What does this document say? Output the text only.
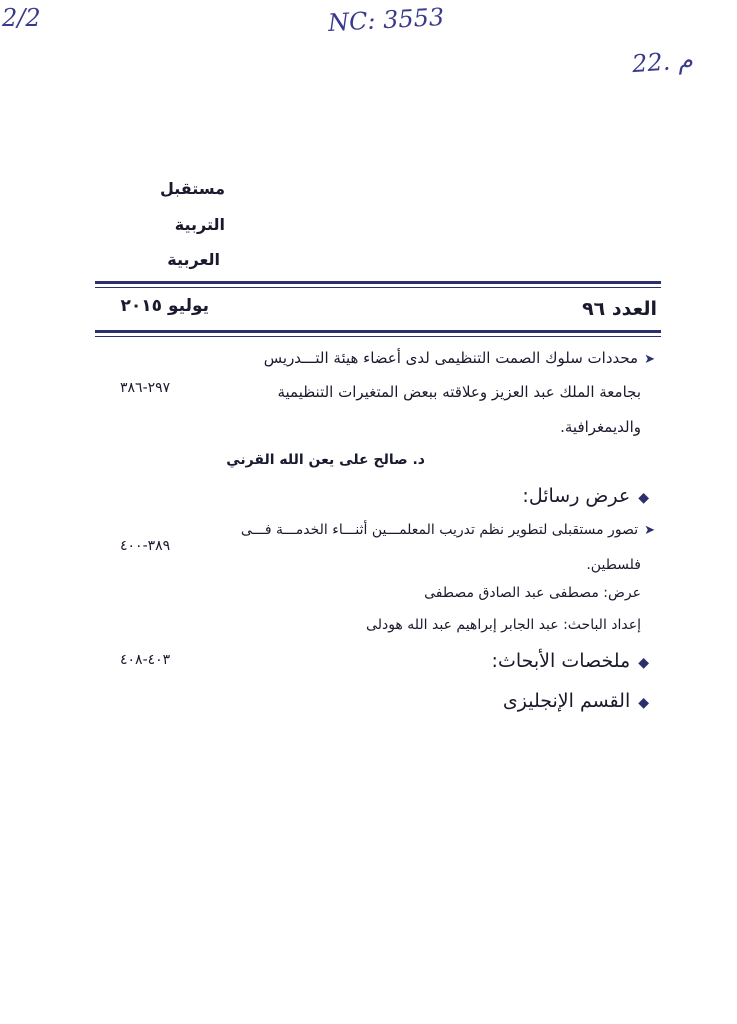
2/2	NC: 3553
22. م
مستقبل
التربية
العربية
العدد ٩٦
يوليو ٢٠١٥
➤محددات سلوك الصمت التنظيمى لدى أعضاء هيئة التـــدريس
بجامعة الملك عبد العزيز وعلاقته ببعض المتغيرات التنظيمية
والديمغرافية.
د. صالح على يعن الله القرني
٢٩٧-٣٨٦
◆عرض رسائل:
➤تصور مستقبلى لتطوير نظم تدريب المعلمـــين أثنـــاء الخدمـــة فـــى
فلسطين.
عرض: مصطفى عبد الصادق مصطفى
إعداد الباحث: عبد الجابر إبراهيم عبد الله هودلى
٣٨٩-٤٠٠
◆ملخصات الأبحاث:
٤٠٣-٤٠٨
◆القسم الإنجليزى
